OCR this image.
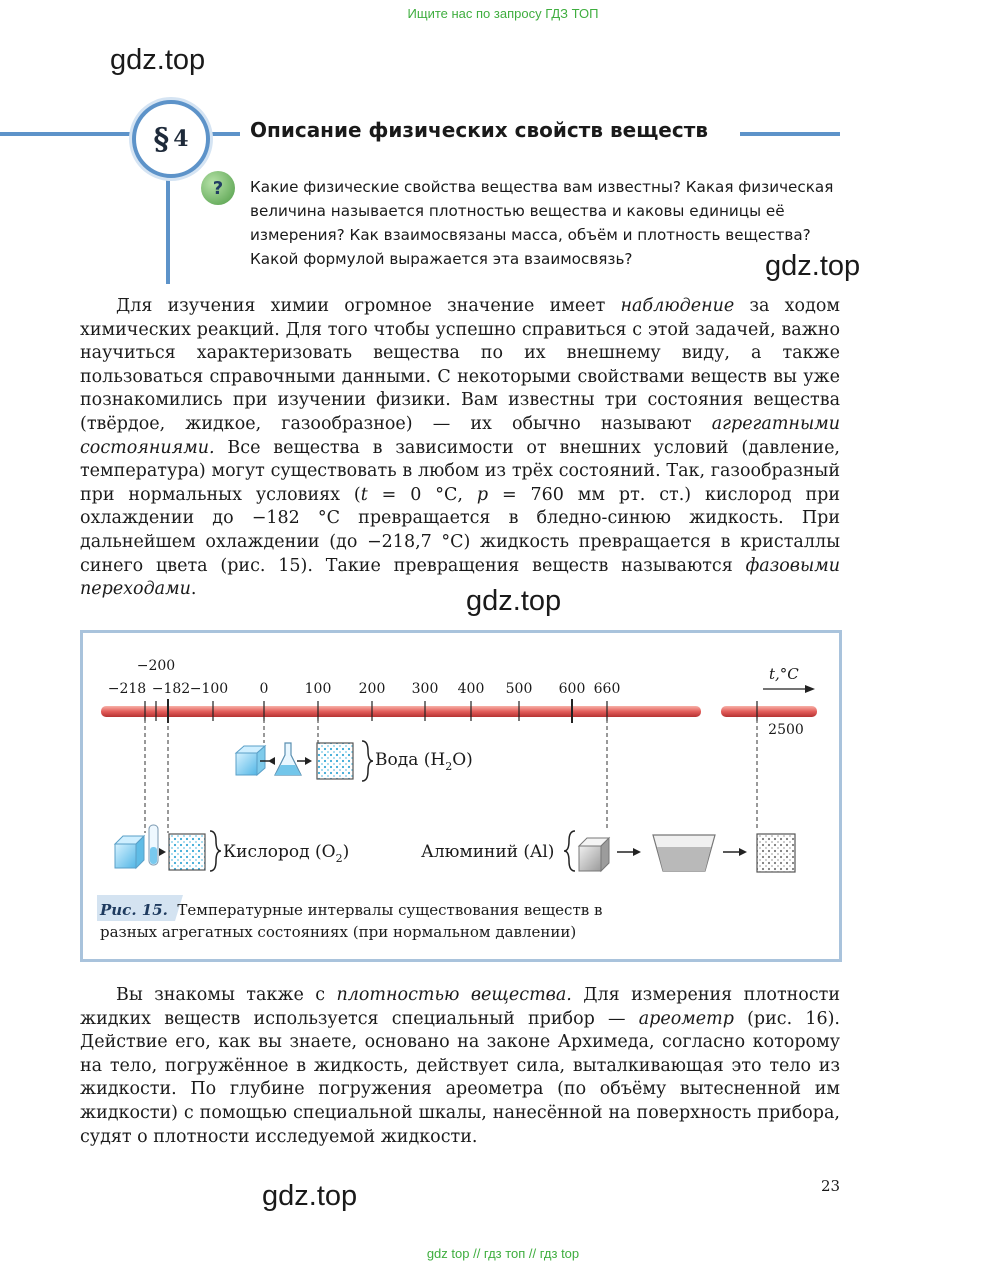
Ищите нас по запросу ГДЗ ТОП
gdz.top
gdz.top
gdz.top
gdz.top
§ 4	Описание физических свойств веществ
?	Какие физические свойства вещества вам известны? Какая физическая величина называется плотностью вещества и каковы единицы её измерения? Как взаимосвязаны масса, объём и плотность вещества? Какой формулой выражается эта взаимосвязь?

Для изучения химии огромное значение имеет наблюдение за ходом химических реакций. Для того чтобы успешно справиться с этой задачей, важно научиться характеризовать вещества по их внешнему виду, а также пользоваться справочными данными. С некоторыми свойствами веществ вы уже познакомились при изучении физики. Вам известны три состояния вещества (твёрдое, жидкое, газообразное) — их обычно называют агрегатными состояниями. Все вещества в зависимости от внешних условий (давление, температура) могут существовать в любом из трёх состояний. Так, газообразный при нормальных условиях (t = 0 °С, p = 760 мм рт. ст.) кислород при охлаждении до −182 °С превращается в бледно-синюю жидкость. При дальнейшем охлаждении (до −218,7 °С) жидкость превращается в кристаллы синего цвета (рис. 15). Такие превращения веществ называются фазовыми переходами.

−218
−200
−182 −100 0	100 200 300 400 500 600 660
2500
t,°C
Вода $(H_2O)$
Кислород $(O_2)$	Алюминий (Al)
Рис. 15. Температурные интервалы существования веществ в разных агрегатных состояниях (при нормальном давлении)

Вы знакомы также с плотностью вещества. Для измерения плотности жидких веществ используется специальный прибор — ареометр (рис. 16). Действие его, как вы знаете, основано на законе Архимеда, согласно которому на тело, погружённое в жидкость, действует сила, выталкивающая это тело из жидкости. По глубине погружения ареометра (по объёму вытесненной им жидкости) с помощью специальной шкалы, нанесённой на поверхность прибора, судят о плотности исследуемой жидкости.

23
gdz top // гдз топ // гдз top
